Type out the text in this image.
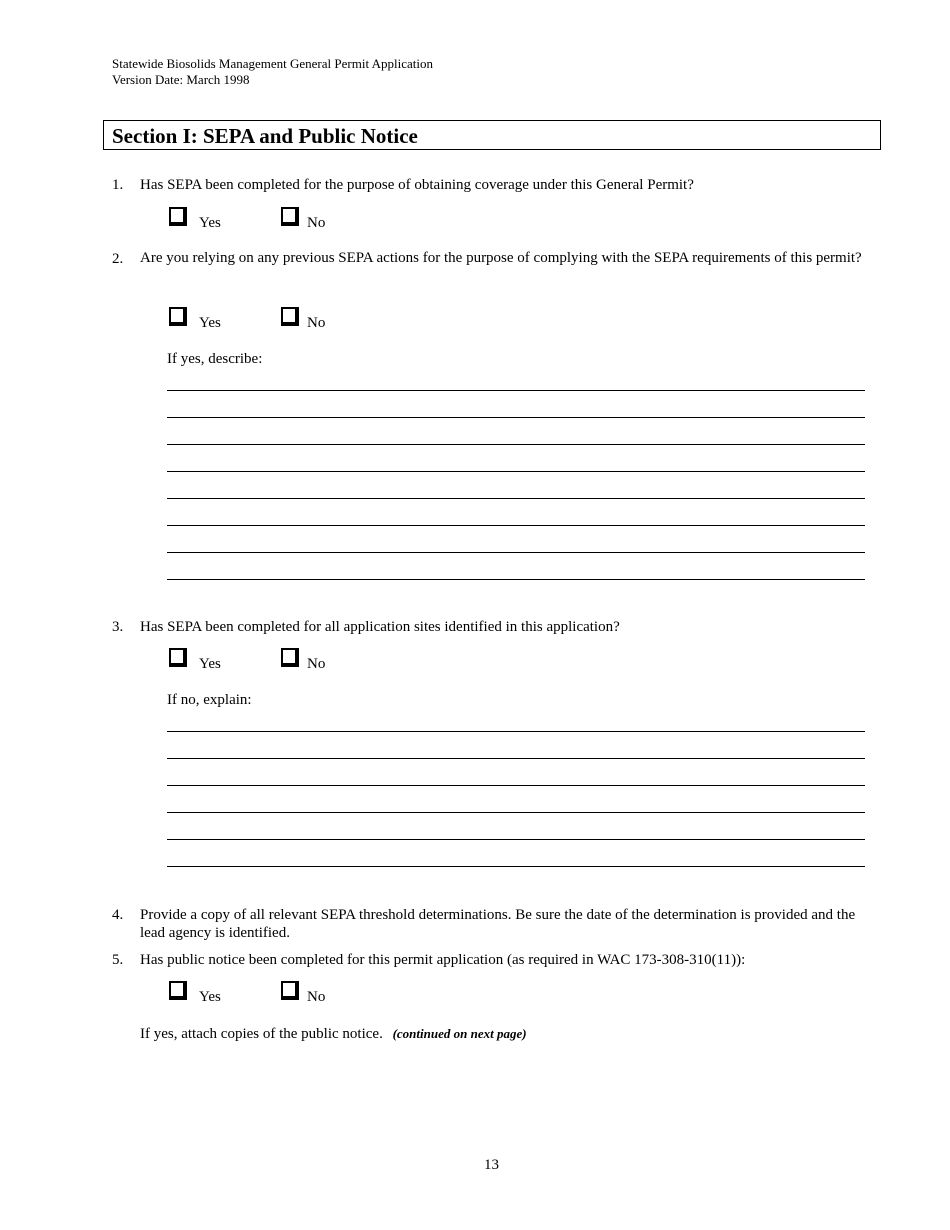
Statewide Biosolids Management General Permit Application
Version Date: March 1998
Section I: SEPA and Public Notice
1. Has SEPA been completed for the purpose of obtaining coverage under this General Permit?
Yes	No
2. Are you relying on any previous SEPA actions for the purpose of complying with the SEPA requirements of this permit?
Yes	No
If yes, describe:
3. Has SEPA been completed for all application sites identified in this application?
Yes	No
If no, explain:
4. Provide a copy of all relevant SEPA threshold determinations. Be sure the date of the determination is provided and the lead agency is identified.
5. Has public notice been completed for this permit application (as required in WAC 173-308-310(11)):
Yes	No
If yes, attach copies of the public notice. (continued on next page)
13
